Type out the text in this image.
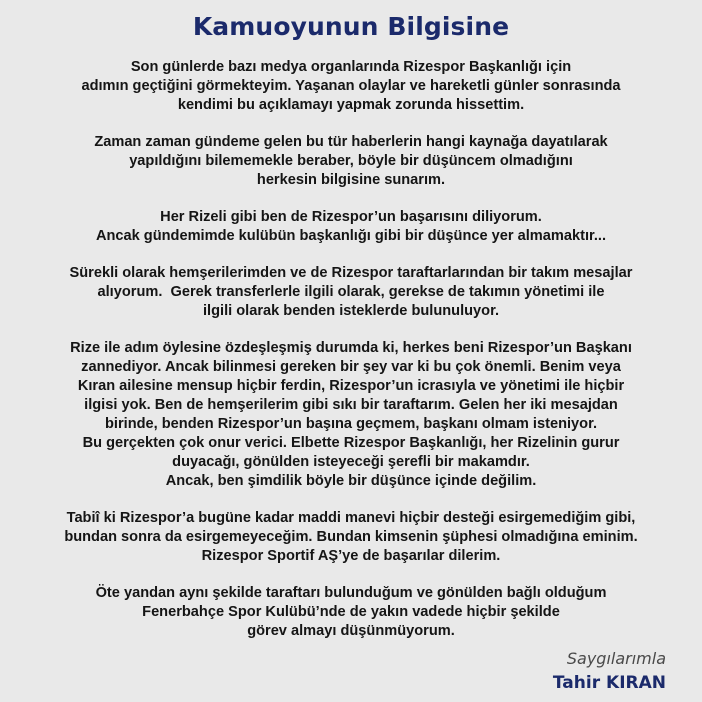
Kamuoyunun Bilgisine

Son günlerde bazı medya organlarında Rizespor Başkanlığı için
adımın geçtiğini görmekteyim. Yaşanan olaylar ve hareketli günler sonrasında
kendimi bu açıklamayı yapmak zorunda hissettim.

Zaman zaman gündeme gelen bu tür haberlerin hangi kaynağa dayatılarak
yapıldığını bilememekle beraber, böyle bir düşüncem olmadığını
herkesin bilgisine sunarım.

Her Rizeli gibi ben de Rizespor’un başarısını diliyorum.
Ancak gündemimde kulübün başkanlığı gibi bir düşünce yer almamaktır...

Sürekli olarak hemşerilerimden ve de Rizespor taraftarlarından bir takım mesajlar
alıyorum.  Gerek transferlerle ilgili olarak, gerekse de takımın yönetimi ile
ilgili olarak benden isteklerde bulunuluyor.

Rize ile adım öylesine özdeşleşmiş durumda ki, herkes beni Rizespor’un Başkanı
zannediyor. Ancak bilinmesi gereken bir şey var ki bu çok önemli. Benim veya
Kıran ailesine mensup hiçbir ferdin, Rizespor’un icrasıyla ve yönetimi ile hiçbir
ilgisi yok. Ben de hemşerilerim gibi sıkı bir taraftarım. Gelen her iki mesajdan
birinde, benden Rizespor’un başına geçmem, başkanı olmam isteniyor.
Bu gerçekten çok onur verici. Elbette Rizespor Başkanlığı, her Rizelinin gurur
duyacağı, gönülden isteyeceği şerefli bir makamdır.
Ancak, ben şimdilik böyle bir düşünce içinde değilim.

Tabiî ki Rizespor’a bugüne kadar maddi manevi hiçbir desteği esirgemediğim gibi,
bundan sonra da esirgemeyeceğim. Bundan kimsenin şüphesi olmadığına eminim.
Rizespor Sportif AŞ’ye de başarılar dilerim.

Öte yandan aynı şekilde taraftarı bulunduğum ve gönülden bağlı olduğum
Fenerbahçe Spor Kulübü’nde de yakın vadede hiçbir şekilde
görev almayı düşünmüyorum.

Saygılarımla
Tahir KIRAN
